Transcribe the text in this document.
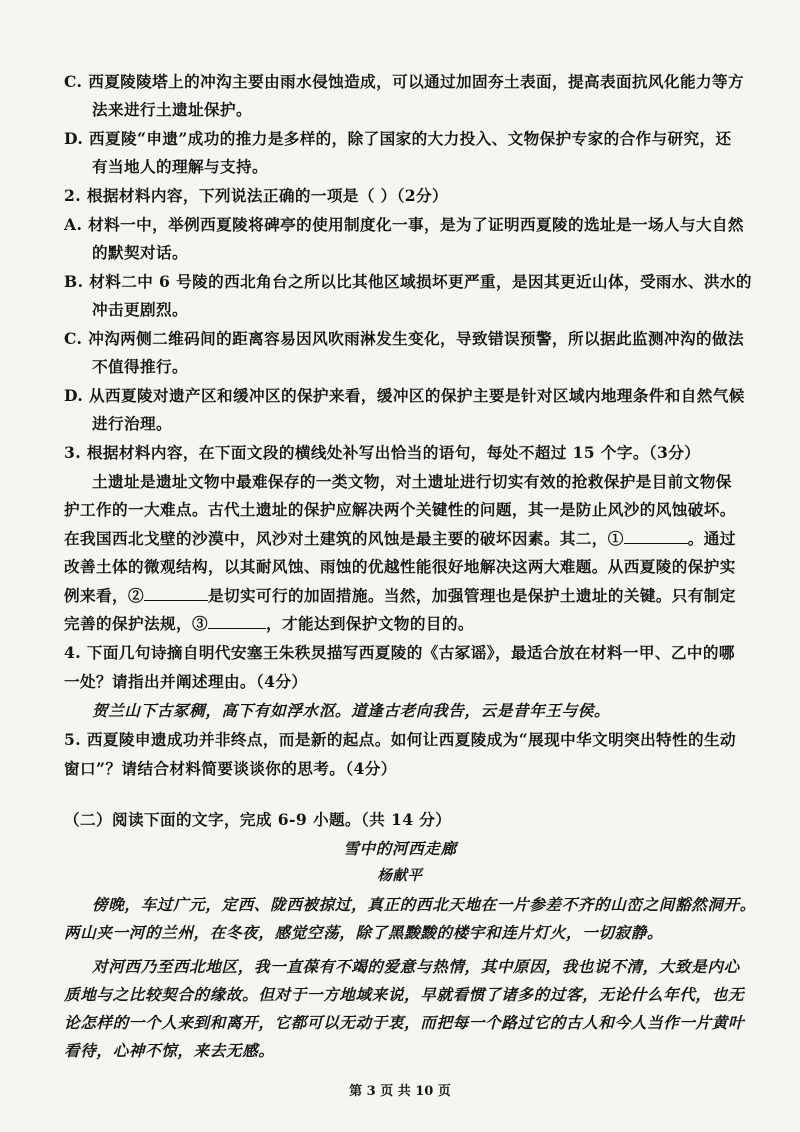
C. 西夏陵陵塔上的冲沟主要由雨水侵蚀造成，可以通过加固夯土表面，提高表面抗风化能力等方
法来进行土遗址保护。
D. 西夏陵“申遗”成功的推力是多样的，除了国家的大力投入、文物保护专家的合作与研究，还
有当地人的理解与支持。
2. 根据材料内容，下列说法正确的一项是（ ）（2分）
A. 材料一中，举例西夏陵将碑亭的使用制度化一事，是为了证明西夏陵的选址是一场人与大自然
的默契对话。
B. 材料二中 6 号陵的西北角台之所以比其他区域损坏更严重，是因其更近山体，受雨水、洪水的
冲击更剧烈。
C. 冲沟两侧二维码间的距离容易因风吹雨淋发生变化，导致错误预警，所以据此监测冲沟的做法
不值得推行。
D. 从西夏陵对遗产区和缓冲区的保护来看，缓冲区的保护主要是针对区域内地理条件和自然气候
进行治理。
3. 根据材料内容，在下面文段的横线处补写出恰当的语句，每处不超过 15 个字。（3分）
土遗址是遗址文物中最难保存的一类文物，对土遗址进行切实有效的抢救保护是目前文物保
护工作的一大难点。古代土遗址的保护应解决两个关键性的问题，其一是防止风沙的风蚀破坏。
在我国西北戈壁的沙漠中，风沙对土建筑的风蚀是最主要的破坏因素。其二，①	。通过
改善土体的微观结构，以其耐风蚀、雨蚀的优越性能很好地解决这两大难题。从西夏陵的保护实
例来看，②	是切实可行的加固措施。当然，加强管理也是保护土遗址的关键。只有制定
完善的保护法规，③	，才能达到保护文物的目的。
4. 下面几句诗摘自明代安塞王朱秩炅描写西夏陵的《古冢谣》，最适合放在材料一甲、乙中的哪
一处？请指出并阐述理由。（4分）
贺兰山下古冢稠，高下有如浮水沤。道逢古老向我告，云是昔年王与侯。
5. 西夏陵申遗成功并非终点，而是新的起点。如何让西夏陵成为“展现中华文明突出特性的生动
窗口”？请结合材料简要谈谈你的思考。（4分）
（二）阅读下面的文字，完成 6-9 小题。（共 14 分）
雪中的河西走廊
杨献平
傍晚，车过广元，定西、陇西被掠过，真正的西北天地在一片参差不齐的山峦之间豁然洞开。
两山夹一河的兰州，在冬夜，感觉空荡，除了黑黢黢的楼宇和连片灯火，一切寂静。
对河西乃至西北地区，我一直葆有不竭的爱意与热情，其中原因，我也说不清，大致是内心
质地与之比较契合的缘故。但对于一方地域来说，早就看惯了诸多的过客，无论什么年代，也无
论怎样的一个人来到和离开，它都可以无动于衷，而把每一个路过它的古人和今人当作一片黄叶
看待，心神不惊，来去无感。
第 3 页 共 10 页
